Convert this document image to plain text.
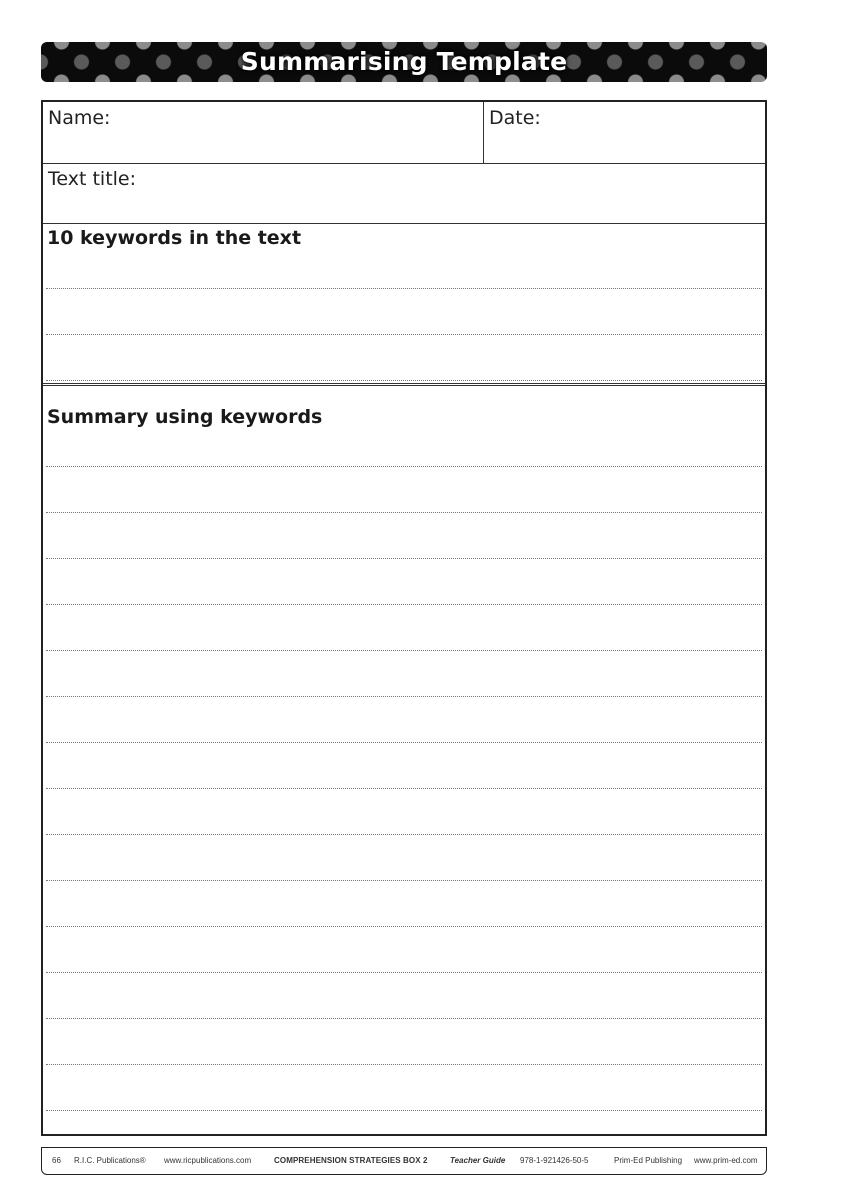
Summarising Template
Name:	Date:
Text title:
10 keywords in the text
Summary using keywords
66 R.I.C. Publications® www.ricpublications.com	COMPREHENSION STRATEGIES BOX 2	Teacher Guide 978-1-921426-50-5	Prim-Ed Publishing www.prim-ed.com
